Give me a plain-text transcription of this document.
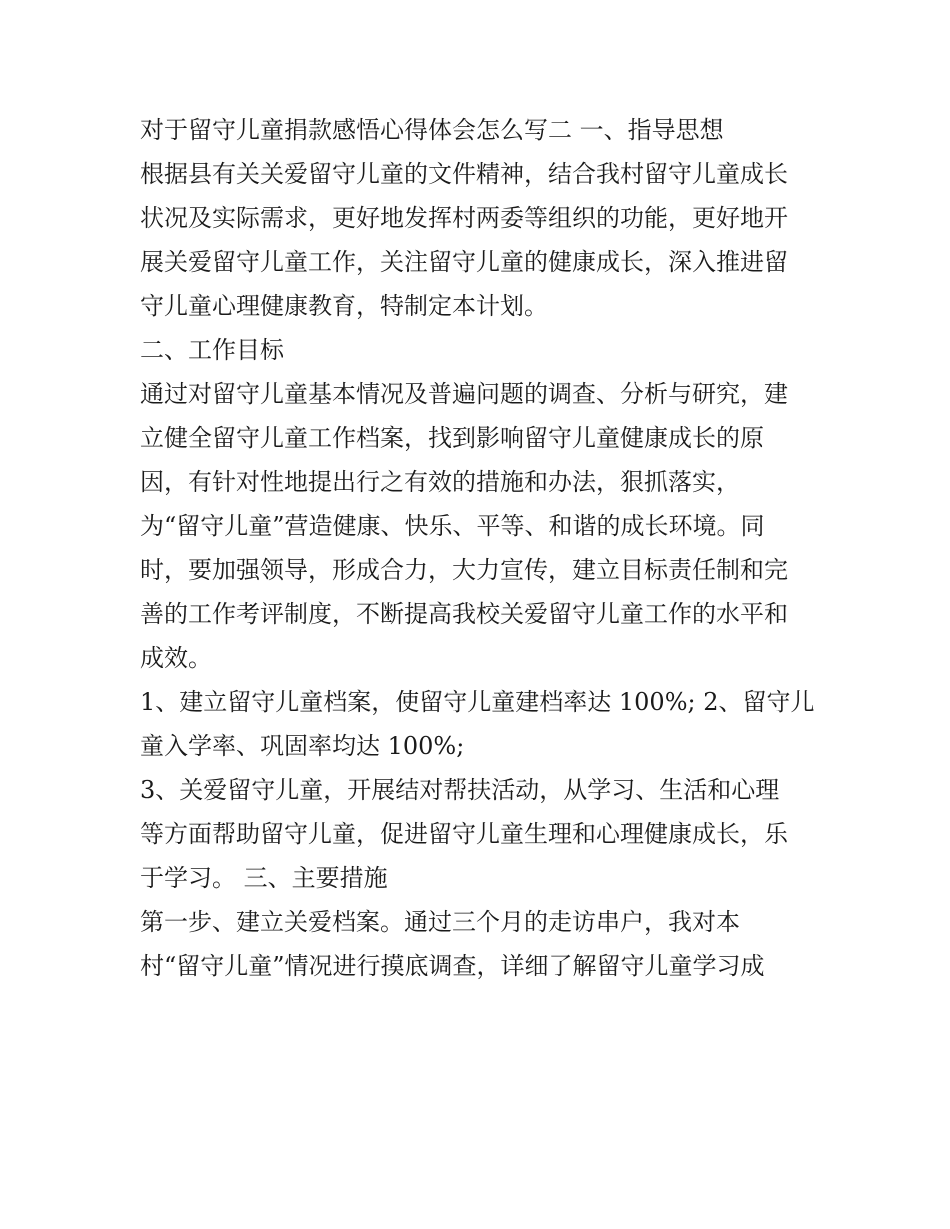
对于留守儿童捐款感悟心得体会怎么写二 一、指导思想

根据县有关关爱留守儿童的文件精神，结合我村留守儿童成长

状况及实际需求，更好地发挥村两委等组织的功能，更好地开

展关爱留守儿童工作，关注留守儿童的健康成长，深入推进留

守儿童心理健康教育，特制定本计划。

二、工作目标

通过对留守儿童基本情况及普遍问题的调查、分析与研究，建

立健全留守儿童工作档案，找到影响留守儿童健康成长的原

因，有针对性地提出行之有效的措施和办法，狠抓落实，

为“留守儿童”营造健康、快乐、平等、和谐的成长环境。同

时，要加强领导，形成合力，大力宣传，建立目标责任制和完

善的工作考评制度，不断提高我校关爱留守儿童工作的水平和

成效。

1、建立留守儿童档案，使留守儿童建档率达 100%; 2、留守儿

童入学率、巩固率均达 100%;

3、关爱留守儿童，开展结对帮扶活动，从学习、生活和心理

等方面帮助留守儿童，促进留守儿童生理和心理健康成长，乐

于学习。 三、主要措施

第一步、建立关爱档案。通过三个月的走访串户，我对本

村“留守儿童”情况进行摸底调查，详细了解留守儿童学习成
